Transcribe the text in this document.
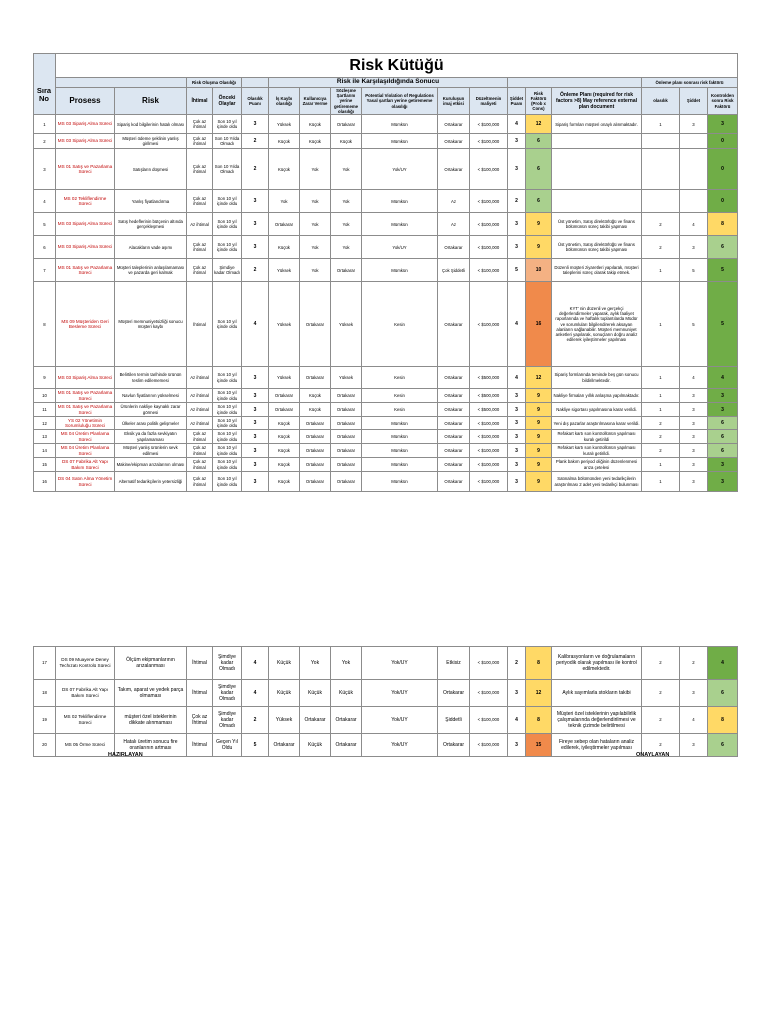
	Risk Kütüğü																
			Risk Oluşma Olasılığı			Risk ile Karşılaşıldığında Sonucu									Önleme planı sonrası risk faktörü		
	Prosess	Risk	İhtimal	Önceki Olaylar	Olasılık Puanı	İş Kaybı olasılığı	Kullanıcıya Zarar Verme	Sözleşme Şartlarını yerine getirememe olasılığı	Potential Violation of Regulations Yasal şartları yerine getirememe olasılığı	Kuruluşun imaj etkisi	Düzeltmenin maliyeti	Şiddet Puanı	Risk Faktörü (Prob x Cons)	Önleme Planı (required for risk factors >8) May reference external plan document	olasılık	Şiddet	Kontrolden sonra Risk Faktörü
1	MS 03 Sipariş Alma Süreci	Sipariş kod bilgilerinin hatalı olması	Çok az ihtimal	Son 10 yıl içinde oldu	3	Yüksek	Küçük	Ortakarar	Mümkün	Ortakarar	< $100,000	4	12	Sipariş formları müşteri onaylı alınmaktadır.	1	3	3
2	MS 03 Sipariş Alma Süreci	Müşteri ödeme şeklinin yanlış girilmesi	Çok az ihtimal	Son 10 Yılda Olmadı	2	Küçük	Küçük	Küçük	Mümkün	Ortakarar	< $100,000	3	6				0
3	MS 01 Satış ve Pazarlama Süreci	Satışların düşmesi	Çok az ihtimal	Son 10 Yılda Olmadı	2	Küçük	Yok	Yok	Yok/UY	Ortakarar	< $100,000	3	6				0
4	MS 02 Tekliflendirme Süreci	Yanlış fiyatlandırma	Çok az ihtimal	Son 10 yıl içinde oldu	3	Yok	Yok	Yok	Mümkün	Az	< $100,000	2	6				0
5	MS 03 Sipariş Alma Süreci	Satış hedeflerinin bütçenin altında gerçekleşmesi	Az ihtimal	Son 10 yıl içinde oldu	3	Ortakarar	Yok	Yok	Mümkün	Az	< $100,000	3	9	Üst yönetim, Satış direktörlüğü ve finans bölümünün süreç takibi yapması	2	4	8
6	MS 03 Sipariş Alma Süreci	Alacakların vade aşımı	Çok az ihtimal	Son 10 yıl içinde oldu	3	Küçük	Yok	Yok	Yok/UY	Ortakarar	< $100,000	3	9	Üst yönetim, Satış direktörlüğü ve finans bölümünün süreç takibi yapması	2	3	6
7	MS 01 Satış ve Pazarlama Süreci	Müşteri taleplerinin anlaşılamaması ve pazarda geri kalmak	Çok az ihtimal	Şimdiye kadar Olmadı	2	Yüksek	Yok	Ortakarar	Mümkün	Çok Şiddetli	< $100,000	5	10	Düzenli müşteri ziyaretleri yapılarak, müşteri taleplerini süreç olarak takip etmek.	1	5	5
8	MS 09 Müşteriden Geri Besleme Süreci	Müşteri memnuniyetsizliği sonucu müşteri kaybı	İhtimal	Son 10 yıl içinde oldu	4	Yüksek	Ortakarar	Yüksek	Kesin	Ortakarar	< $100,000	4	16	KYT' nin düzenli ve gerçekçi değerlendirmeler yaparak, aylık faaliyet raporlarında ve haftalık toplantılarda Müdür ve sorumluları bilgilendirerek aksayan alanların sağlanabilir. Müşteri memnuniyet anketleri yapılarak, sonuçların doğru analiz edilerek iyileştirmeler yapılması	1	5	5
9	MS 03 Sipariş Alma Süreci	Belirtilen termin tarihinde ürünün teslim edilememesi	Az ihtimal	Son 10 yıl içinde oldu	3	Yüksek	Ortakarar	Yüksek	Kesin	Ortakarar	< $500,000	4	12	Sipariş formlarında teminde beş gün sonucu bildirilmektedir.	1	4	4
10	MS 01 Satış ve Pazarlama Süreci	Navlun fiyatlarının yükselmesi	Az ihtimal	Son 10 yıl içinde oldu	3	Ortakarar	Küçük	Ortakarar	Kesin	Ortakarar	< $500,000	3	9	Nakliye firmaları yıllık anlaşma yapılmaktadır.	1	3	3
11	MS 01 Satış ve Pazarlama Süreci	Ürünlerin nakliye kaynaklı zarar görmesi	Az ihtimal	Son 10 yıl içinde oldu	3	Ortakarar	Küçük	Ortakarar	Kesin	Ortakarar	< $500,000	3	9	Nakliye sigortası yapılmasına karar verildi.	1	3	3
12	YS 02 Yönetimin Sorumluluğu Süreci	Ülkeler arası politik gelişmeler	Az ihtimal	Son 10 yıl içinde oldu	3	Küçük	Ortakarar	Ortakarar	Mümkün	Ortakarar	< $100,000	3	9	Yeni dış pazarlar araştırılmasına karar verildi.	2	3	6
13	MS 04 Üretim Planlama Süreci	Eksik ya da fazla sevkiyatın yapılamaması	Çok az ihtimal	Son 10 yıl içinde oldu	3	Küçük	Ortakarar	Ortakarar	Mümkün	Ortakarar	< $100,000	3	9	Refakart kartı son kontrollünün yapılması kuralı getirildi	2	3	6
14	MS 04 Üretim Planlama Süreci	Müşteri yanlış ürünlerin sevk edilmesi	Çok az ihtimal	Son 10 yıl içinde oldu	3	Küçük	Ortakarar	Ortakarar	Mümkün	Ortakarar	< $100,000	3	9	Refakart kartı son kontrollünün yapılması kuralı getirildi.	2	3	6
15	DS 07 Fabrika Alt Yapı Bakım Süreci	Makine/ekipman arızalarının olması	Çok az ihtimal	Son 10 yıl içinde oldu	3	Küçük	Ortakarar	Ortakarar	Mümkün	Ortakarar	< $100,000	3	9	Plank bakım periyod oliğinin düzenlenmesi arıza çetelesi	1	3	3
16	DS 04 Satın Alma Yönetim Süreci	Alternatif tedarikçilerin yetersizliği	Çok az ihtimal	Son 10 yıl içinde oldu	3	Küçük	Ortakarar	Ortakarar	Mümkün	Ortakarar	< $100,000	3	9	Satınalma bölümünden yeni tedarikçilerin araştırılması 2 adet yeni tedarikçi bulunması	1	3	3
Sıra No
17	DS 09 Muayene Deney Techızatı Kontrolü Süreci	Ölçüm ekipmanlarının arızalanması	İhtimal	Şimdiye kadar Olmadı	4	Küçük	Yok	Yok	Yok/UY	Etkisiz	< $100,000	2	8	Kalibrasyonların ve doğrulamaların periyodik olarak yapılması ile kontrol edilmektedir.	2	2	4
18	DS 07 Fabrika Alt Yapı Bakım Süreci	Takım, aparat ve yedek parça olmaması	İhtimal	Şimdiye kadar Olmadı	4	Küçük	Küçük	Küçük	Yok/UY	Ortakarar	< $100,000	3	12	Aylık sayımlarla stokların takibi	2	3	6
19	MS 02 Tekliflendirme Süreci	müşteri özel isteklerinin dikkate alınmaması	Çok az İhtimal	Şimdiye kadar Olmadı	2	Yüksek	Ortakarar	Ortakarar	Yok/UY	Şiddetli	< $100,000	4	8	Müşteri özel isteklerinin yapılabilirlik çalışmalarında değerlendirilmesi ve teknik çizimde belirtilmesi	2	4	8
20	MS 05 Örme Süreci	Hatalı üretim sonucu fire oranlarının artması	İhtimal	Geçen Yıl Oldu	5	Ortakarar	Küçük	Ortakarar	Yok/UY	Ortakarar	< $100,000	3	15	Fireye sebep olan hataların analiz edilerek, iyileştirmeler yapılması	2	3	6
HAZIRLAYAN	ONAYLAYAN
